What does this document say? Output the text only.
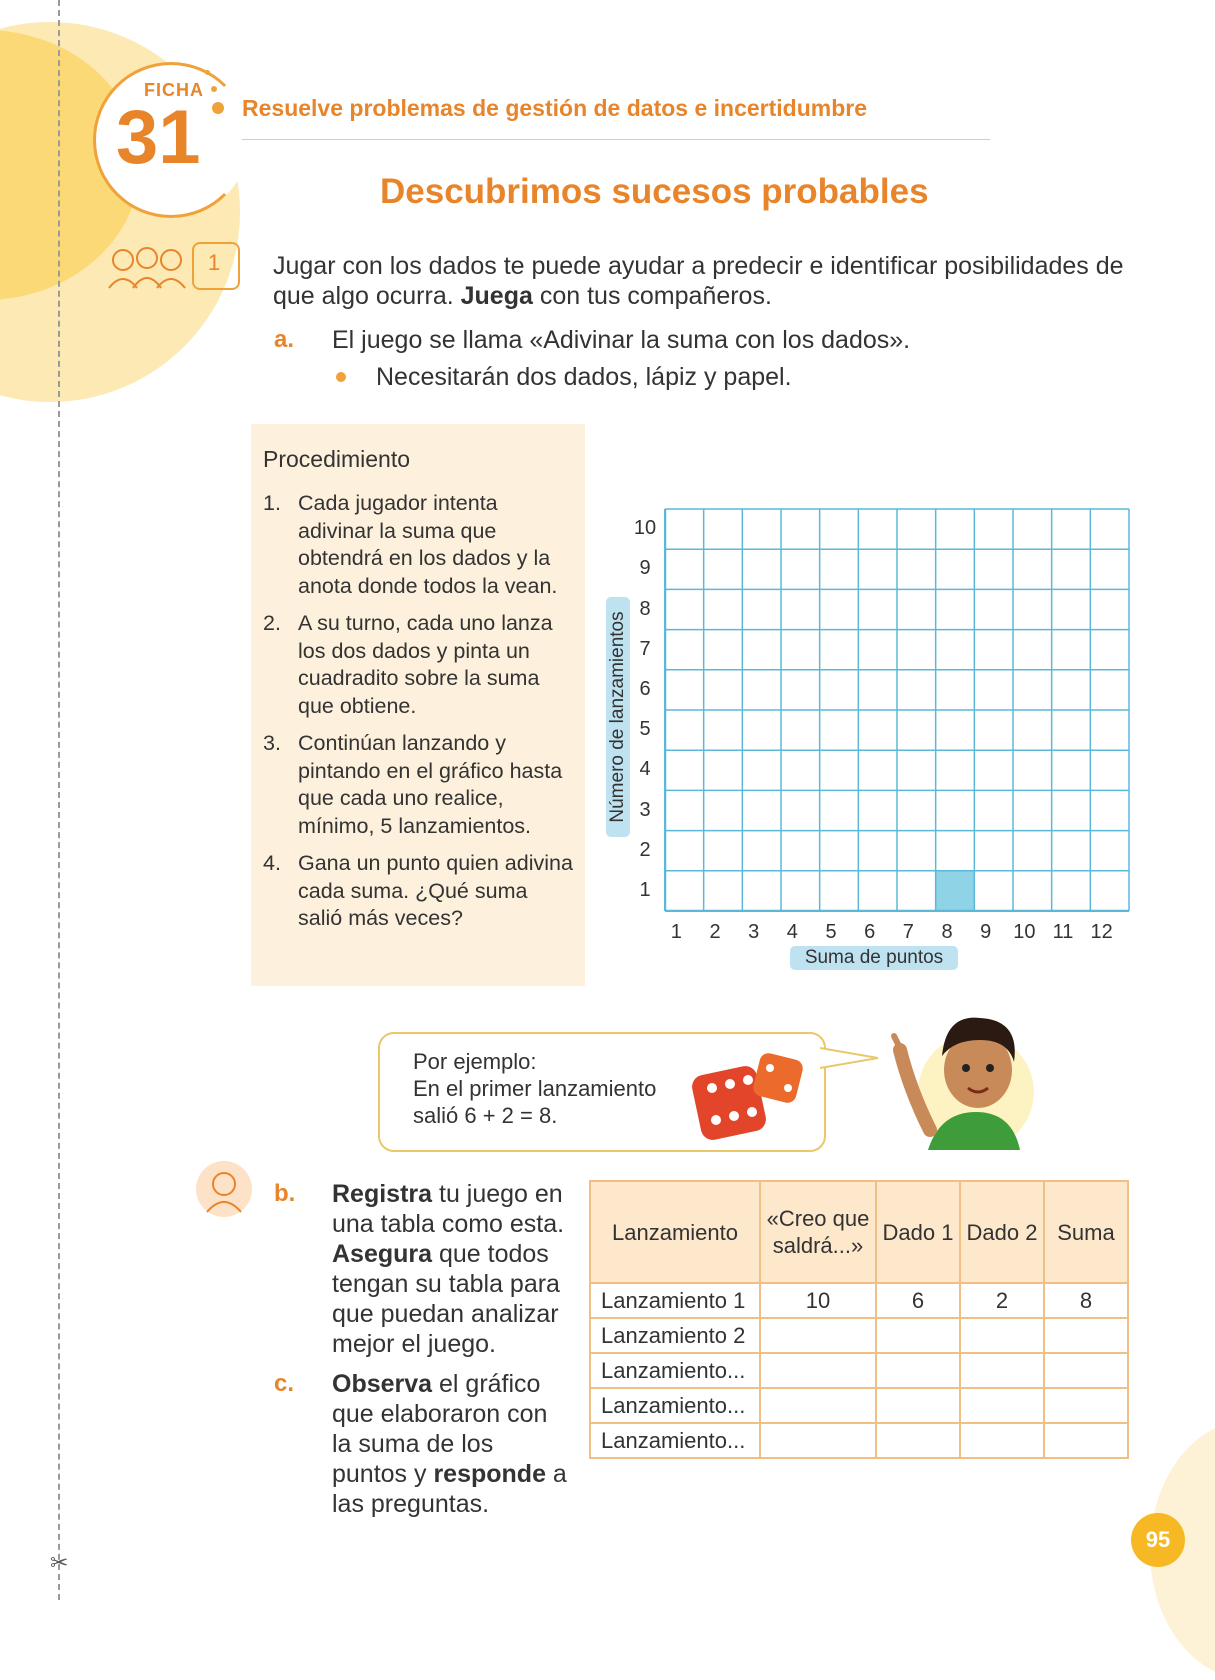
✂
FICHA
31 Resuelve problemas de gestión de datos e incertidumbre
Descubrimos sucesos probables
1	Jugar con los dados te puede ayudar a predecir e identificar posibilidades de que algo ocurra. Juega con tus compañeros.
a. El juego se llama «Adivinar la suma con los dados».
Necesitarán dos dados, lápiz y papel.
Procedimiento
1. Cada jugador intenta adivinar la suma que obtendrá en los dados y la anota donde todos la vean.
2. A su turno, cada uno lanza los dos dados y pinta un cuadradito sobre la suma que obtiene.
3. Continúan lanzando y pintando en el gráfico hasta que cada uno realice, mínimo, 5 lanzamientos.
4. Gana un punto quien adivina cada suma. ¿Qué suma salió más veces?
1	2	3	4	5	6	7	8	9	10 11 12
1
2
3
4
5
6
7
8
9
10
Suma de puntos
Número de lanzamientos
Por ejemplo:
En el primer lanzamiento
salió 6 + 2 = 8.
b. Registra tu juego en una tabla como esta. Asegura que todos tengan su tabla para que puedan analizar mejor el juego.
c. Observa el gráfico que elaboraron con la suma de los puntos y responde a las preguntas.
Lanzamiento	«Creo que saldrá...»	Dado 1	Dado 2	Suma
Lanzamiento 1	10	6	2	8
Lanzamiento 2				
Lanzamiento...				
Lanzamiento...				
Lanzamiento...				
95
